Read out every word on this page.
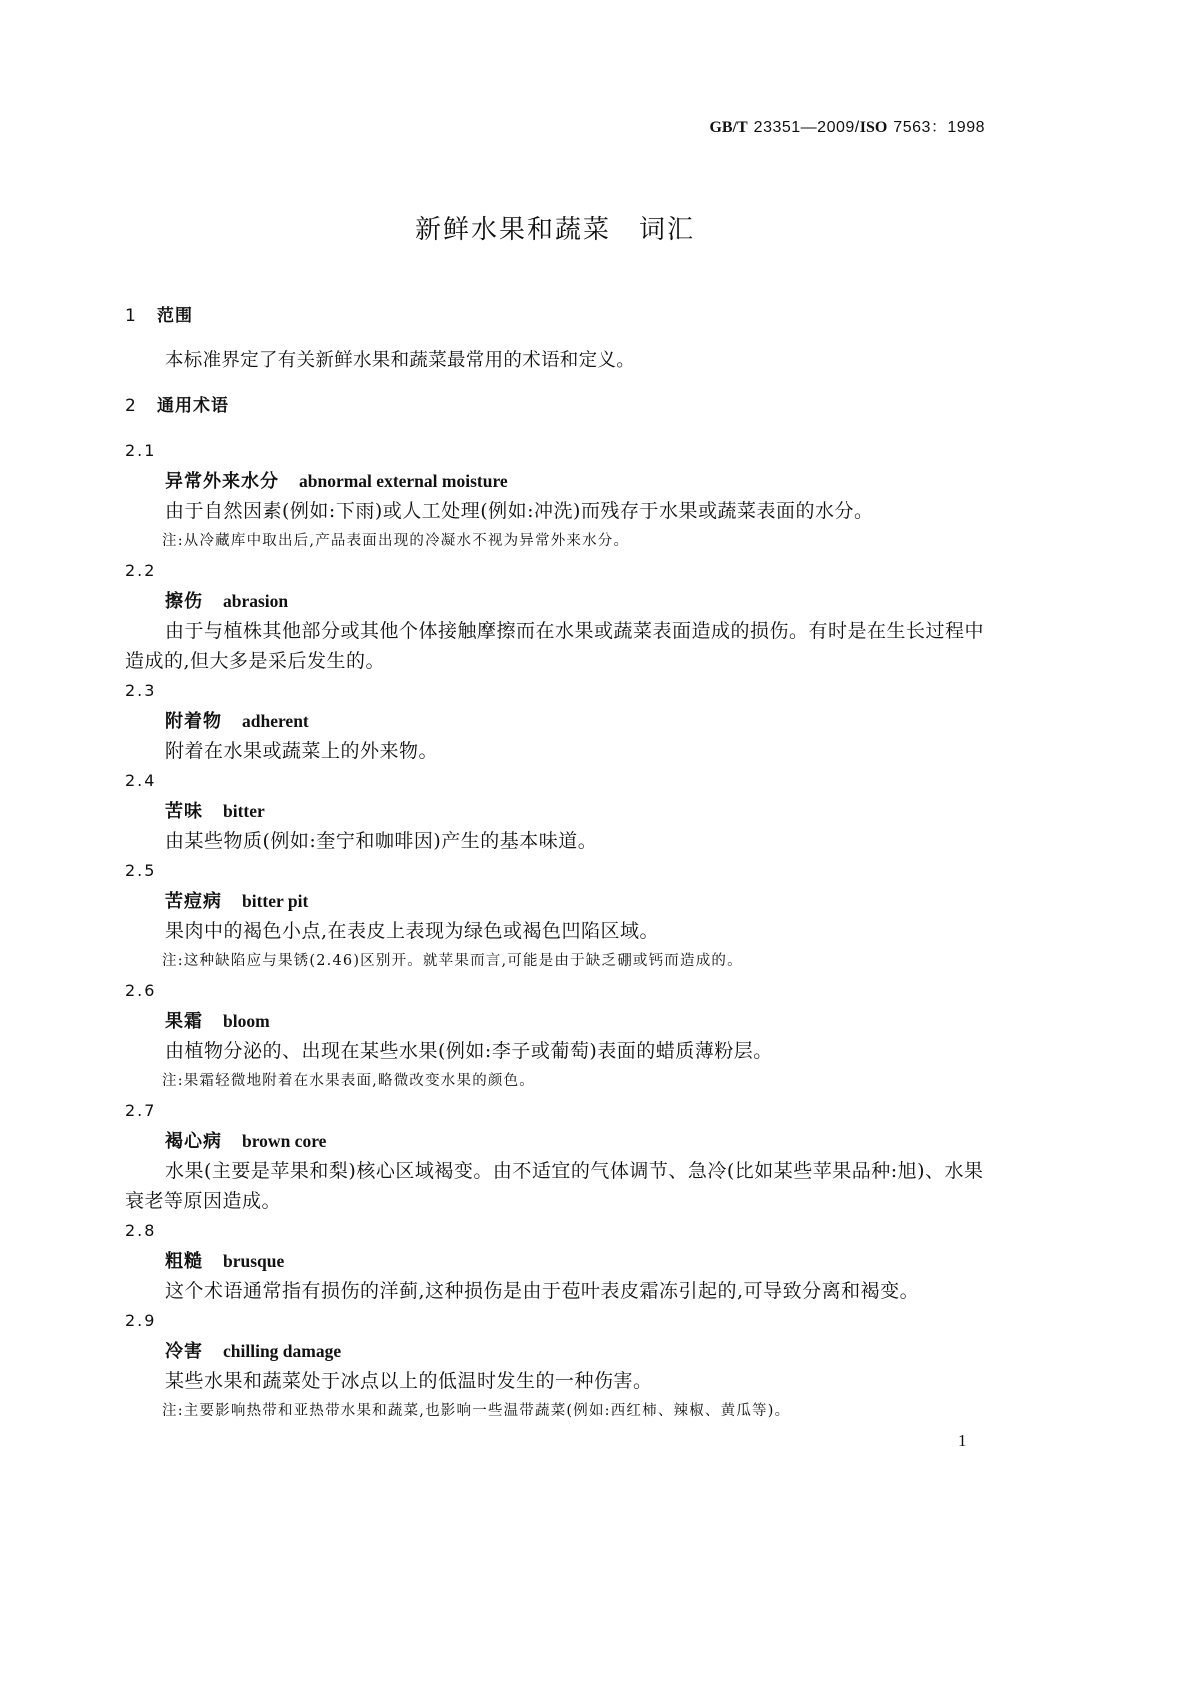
GB/T 23351—2009/ISO 7563：1998
新鲜水果和蔬菜　词汇
1 范围
本标准界定了有关新鲜水果和蔬菜最常用的术语和定义。
2 通用术语
2.1
异常外来水分 abnormal external moisture
由于自然因素(例如:下雨)或人工处理(例如:冲洗)而残存于水果或蔬菜表面的水分。
注:从冷藏库中取出后,产品表面出现的冷凝水不视为异常外来水分。
2.2
擦伤 abrasion
由于与植株其他部分或其他个体接触摩擦而在水果或蔬菜表面造成的损伤。有时是在生长过程中
造成的,但大多是采后发生的。
2.3
附着物 adherent
附着在水果或蔬菜上的外来物。
2.4
苦味 bitter
由某些物质(例如:奎宁和咖啡因)产生的基本味道。
2.5
苦痘病 bitter pit
果肉中的褐色小点,在表皮上表现为绿色或褐色凹陷区域。
注:这种缺陷应与果锈(2.46)区别开。就苹果而言,可能是由于缺乏硼或钙而造成的。
2.6
果霜 bloom
由植物分泌的、出现在某些水果(例如:李子或葡萄)表面的蜡质薄粉层。
注:果霜轻微地附着在水果表面,略微改变水果的颜色。
2.7
褐心病 brown core
水果(主要是苹果和梨)核心区域褐变。由不适宜的气体调节、急冷(比如某些苹果品种:旭)、水果
衰老等原因造成。
2.8
粗糙 brusque
这个术语通常指有损伤的洋蓟,这种损伤是由于苞叶表皮霜冻引起的,可导致分离和褐变。
2.9
冷害 chilling damage
某些水果和蔬菜处于冰点以上的低温时发生的一种伤害。
注:主要影响热带和亚热带水果和蔬菜,也影响一些温带蔬菜(例如:西红柿、辣椒、黄瓜等)。
1
